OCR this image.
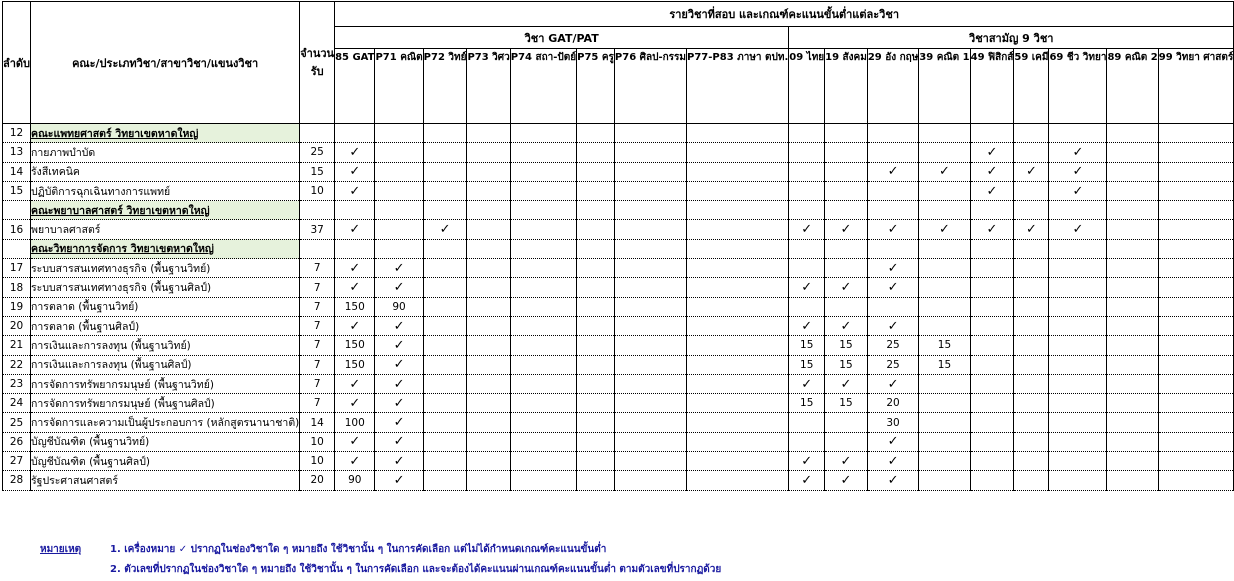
ลำดับ	คณะ/ประเภทวิชา/สาขาวิชา/แขนงวิชา	จำนวนรับ	รายวิชาที่สอบ และเกณฑ์คะแนนขั้นต่ำแต่ละวิชา																
			วิชา GAT/PAT								วิชาสามัญ 9 วิชา								
			85 GAT	P71 คณิต	P72 วิทย์	P73 วิศว	P74 สถา-ปัตย์	P75 ครู	P76 ศิลป-กรรม	P77-P83 ภาษา ตปท.	09 ไทย	19 สังคม	29 อัง กฤษ	39 คณิต 1	49 ฟิสิกส์	59 เคมี	69 ชีว วิทยา	89 คณิต 2	99 วิทยา ศาสตร์
12	คณะแพทยศาสตร์ วิทยาเขตหาดใหญ่																		
13	กายภาพบำบัด	25	✓												✓		✓		
14	รังสีเทคนิค	15	✓										✓	✓	✓	✓	✓		
15	ปฏิบัติการฉุกเฉินทางการแพทย์	10	✓												✓		✓		
	คณะพยาบาลศาสตร์ วิทยาเขตหาดใหญ่																		
16	พยาบาลศาสตร์	37	✓		✓						✓	✓	✓	✓	✓	✓	✓		
	คณะวิทยาการจัดการ วิทยาเขตหาดใหญ่																		
17	ระบบสารสนเทศทางธุรกิจ (พื้นฐานวิทย์)	7	✓	✓									✓						
18	ระบบสารสนเทศทางธุรกิจ (พื้นฐานศิลป์)	7	✓	✓							✓	✓	✓						
19	การตลาด (พื้นฐานวิทย์)	7	150	90															
20	การตลาด (พื้นฐานศิลป์)	7	✓	✓							✓	✓	✓						
21	การเงินและการลงทุน (พื้นฐานวิทย์)	7	150	✓							15	15	25	15					
22	การเงินและการลงทุน (พื้นฐานศิลป์)	7	150	✓							15	15	25	15					
23	การจัดการทรัพยากรมนุษย์ (พื้นฐานวิทย์)	7	✓	✓							✓	✓	✓						
24	การจัดการทรัพยากรมนุษย์ (พื้นฐานศิลป์)	7	✓	✓							15	15	20						
25	การจัดการและความเป็นผู้ประกอบการ (หลักสูตรนานาชาติ)	14	100	✓									30						
26	บัญชีบัณฑิต (พื้นฐานวิทย์)	10	✓	✓									✓						
27	บัญชีบัณฑิต (พื้นฐานศิลป์)	10	✓	✓							✓	✓	✓						
28	รัฐประศาสนศาสตร์	20	90	✓							✓	✓	✓						
หมายเหตุ	1. เครื่องหมาย ✓ ปรากฏในช่องวิชาใด ๆ หมายถึง ใช้วิชานั้น ๆ ในการคัดเลือก แต่ไม่ได้กำหนดเกณฑ์คะแนนขั้นต่ำ
2. ตัวเลขที่ปรากฏในช่องวิชาใด ๆ หมายถึง ใช้วิชานั้น ๆ ในการคัดเลือก และจะต้องได้คะแนนผ่านเกณฑ์คะแนนขั้นต่ำ ตามตัวเลขที่ปรากฏด้วย
